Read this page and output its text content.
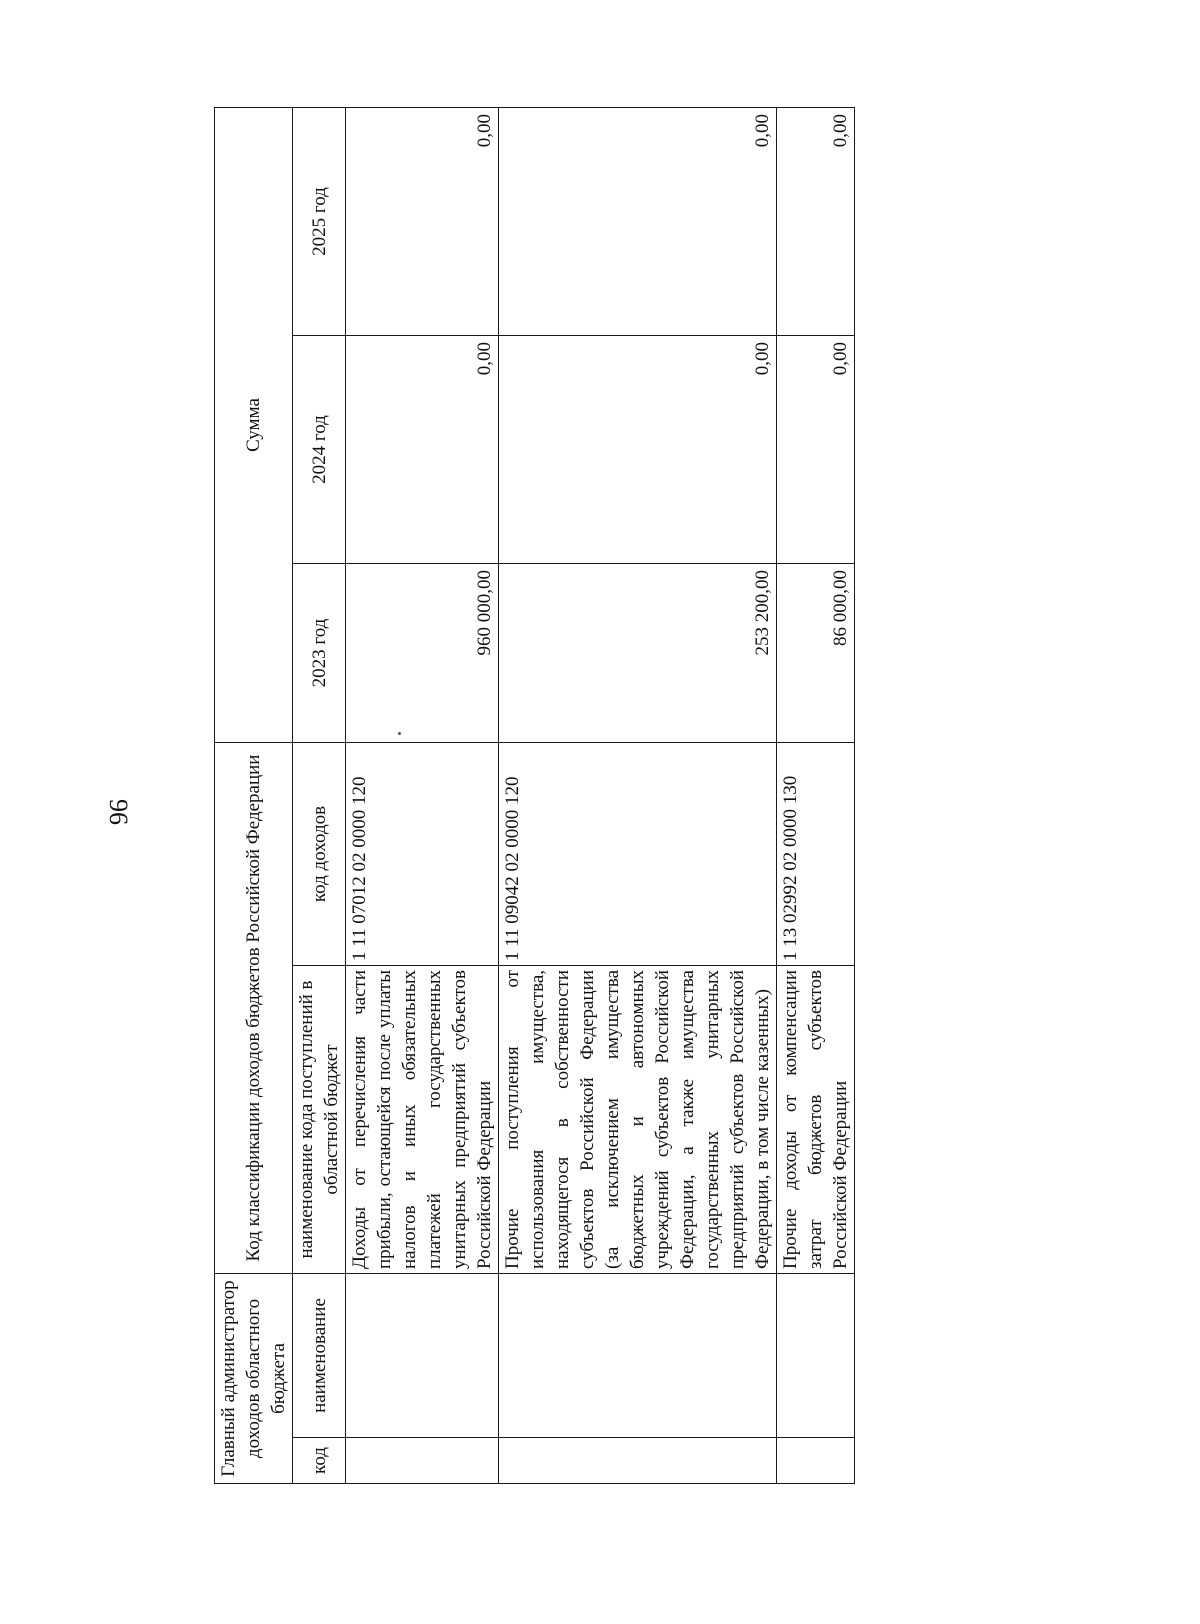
96
Главный администратор доходов областного бюджета		Код классификации доходов бюджетов Российской Федерации		Сумма		
код	наименование	наименование кода поступлений в областной бюджет	код доходов	2023 год	2024 год	2025 год
		Доходы от перечисления части прибыли, остающейся после уплаты налогов и иных обязательных платежей государственных унитарных предприятий субъектов Российской Федерации	1 11 07012 02 0000 120	960 000,00	0,00	0,00
		Прочие поступления от использования имущества, находящегося в собственности субъектов Российской Федерации (за исключением имущества бюджетных и автономных учреждений субъектов Российской Федерации, а также имущества государственных унитарных предприятий субъектов Российской Федерации, в том числе казенных)	1 11 09042 02 0000 120	253 200,00	0,00	0,00
		Прочие доходы от компенсации затрат бюджетов субъектов Российской Федерации	1 13 02992 02 0000 130	86 000,00	0,00	0,00
